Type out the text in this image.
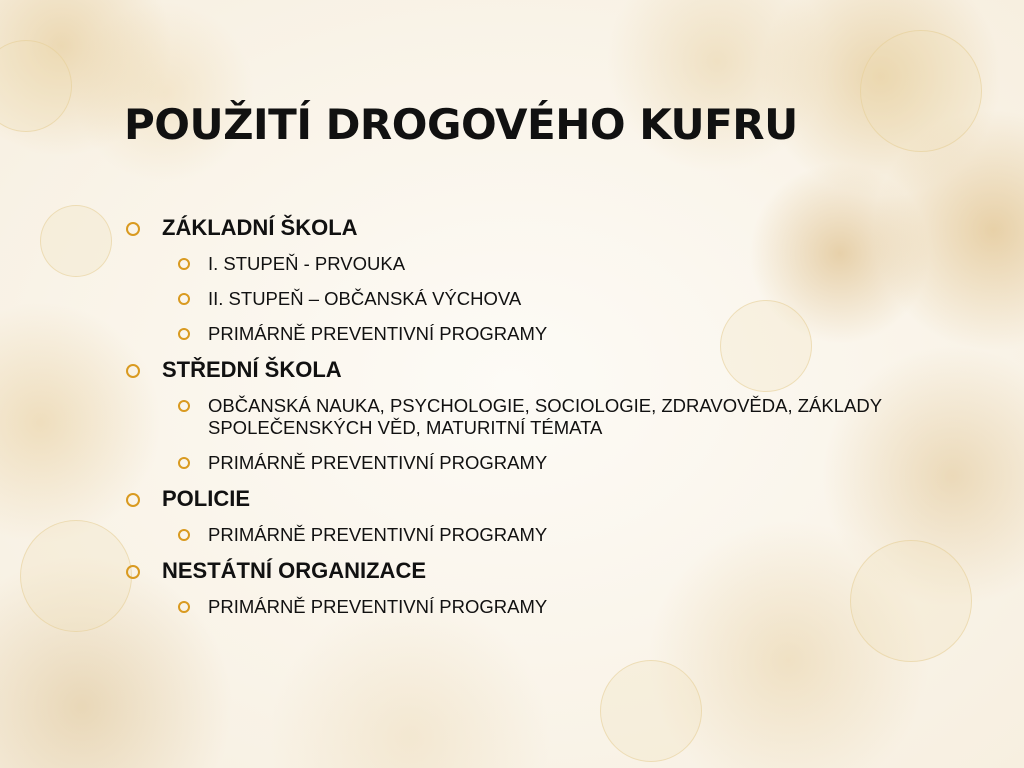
POUŽITÍ DROGOVÉHO KUFRU
ZÁKLADNÍ ŠKOLA
I. STUPEŇ - PRVOUKA
II. STUPEŇ – OBČANSKÁ VÝCHOVA
PRIMÁRNĚ PREVENTIVNÍ PROGRAMY
STŘEDNÍ ŠKOLA
OBČANSKÁ NAUKA, PSYCHOLOGIE, SOCIOLOGIE, ZDRAVOVĚDA, ZÁKLADY SPOLEČENSKÝCH VĚD, MATURITNÍ TÉMATA
PRIMÁRNĚ PREVENTIVNÍ PROGRAMY
POLICIE
PRIMÁRNĚ PREVENTIVNÍ PROGRAMY
NESTÁTNÍ ORGANIZACE
PRIMÁRNĚ PREVENTIVNÍ PROGRAMY
